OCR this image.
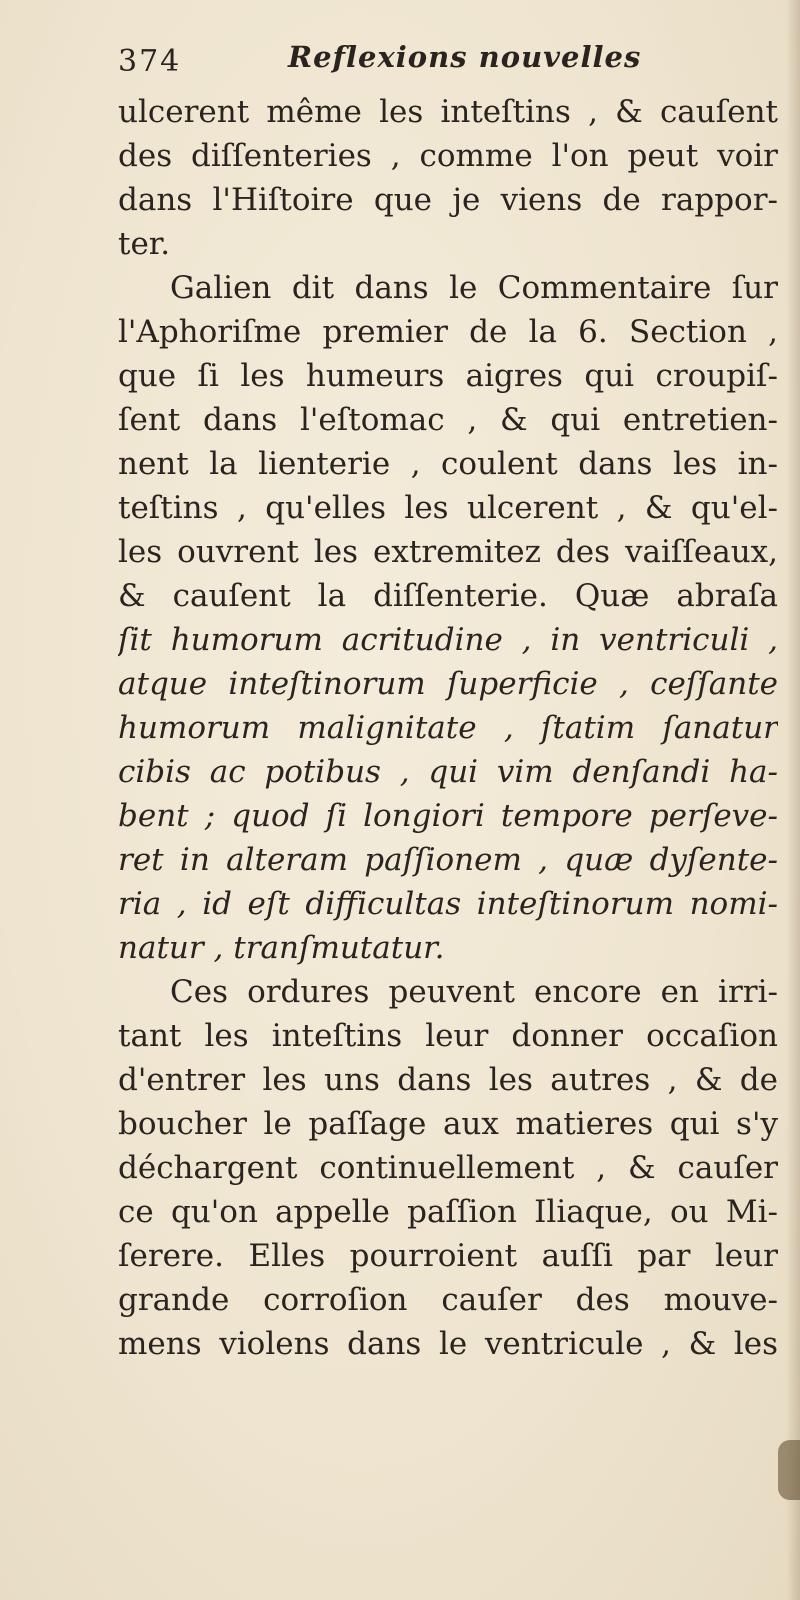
374	Reflexions nouvelles
ulcerent même les inteſtins , & cauſent
des diſſenteries , comme l'on peut voir
dans l'Hiſtoire que je viens de rappor-
ter.
Galien dit dans le Commentaire ſur
l'Aphoriſme premier de la 6. Section ,
que ſi les humeurs aigres qui croupiſ-
ſent dans l'eſtomac , & qui entretien-
nent la lienterie , coulent dans les in-
teſtins , qu'elles les ulcerent , & qu'el-
les ouvrent les extremitez des vaiſſeaux,
& cauſent la diſſenterie. Quæ abraſa
ſit humorum acritudine , in ventriculi ,
atque inteſtinorum ſuperficie , ceſſante
humorum malignitate , ſtatim ſanatur
cibis ac potibus , qui vim denſandi ha-
bent ; quod ſi longiori tempore perſeve-
ret in alteram paſſionem , quæ dyſente-
ria , id eſt difficultas inteſtinorum nomi-
natur , tranſmutatur.
Ces ordures peuvent encore en irri-
tant les inteſtins leur donner occaſion
d'entrer les uns dans les autres , & de
boucher le paſſage aux matieres qui s'y
déchargent continuellement , & cauſer
ce qu'on appelle paſſion Iliaque, ou Mi-
ſerere. Elles pourroient auſſi par leur
grande corroſion cauſer des mouve-
mens violens dans le ventricule , & les
